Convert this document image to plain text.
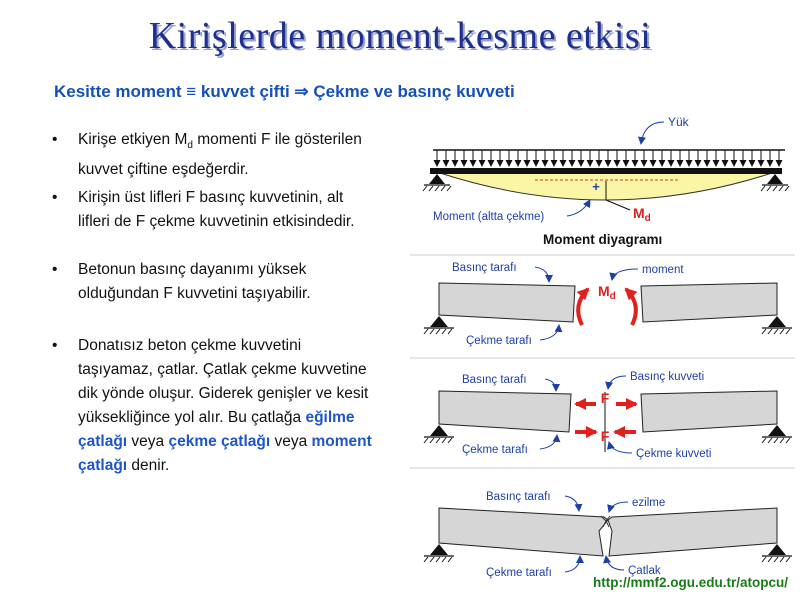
Kirişlerde moment-kesme etkisi
Kesitte moment ≡ kuvvet çifti ⇒ Çekme ve basınç kuvveti
• Kirişe etkiyen $M_d$ momenti F ile gösterilen kuvvet çiftine eşdeğerdir.
• Kirişin üst lifleri F basınç kuvvetinin, alt lifleri de F çekme kuvvetinin etkisindedir.
• Betonun basınç dayanımı yüksek olduğundan F kuvvetini taşıyabilir.
• Donatısız beton çekme kuvvetini taşıyamaz, çatlar. Çatlak çekme kuvvetine dik yönde oluşur. Giderek genişler ve kesit yüksekliğince yol alır. Bu çatlağa eğilme çatlağı veya çekme çatlağı veya moment çatlağı denir.
+
$M_d$
Yük
Moment (altta çekme)
Moment diyagramı
$M_d$
Basınç tarafı	moment
Çekme tarafı
F
F
Basınç tarafı	Basınç kuvveti
Çekme tarafı	Çekme kuvveti
Basınç tarafı	ezilme
Çekme tarafı	Çatlak
http://mmf2.ogu.edu.tr/atopcu/
